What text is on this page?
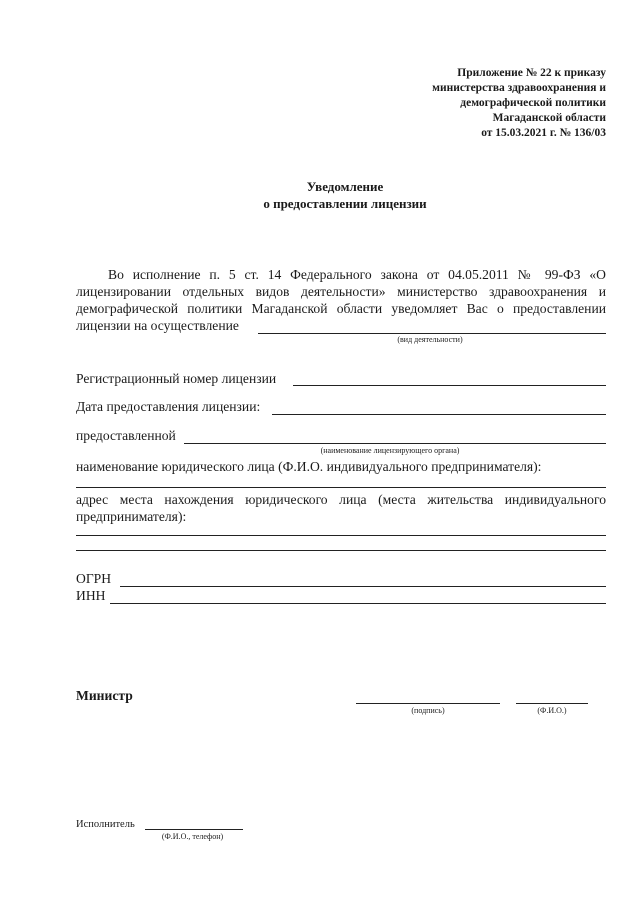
Приложение № 22 к приказу
министерства здравоохранения и
демографической политики
Магаданской области
от 15.03.2021 г. № 136/03
Уведомление
о предоставлении лицензии
Во исполнение п. 5 ст. 14 Федерального закона от 04.05.2011 № 99-ФЗ «О лицензировании отдельных видов деятельности» министерство здравоохранения и демографической политики Магаданской области уведомляет Вас о предоставлении лицензии на осуществление
(вид деятельности)
Регистрационный номер лицензии
Дата предоставления лицензии:
предоставленной
(наименование лицензирующего органа)
наименование юридического лица (Ф.И.О. индивидуального предпринимателя):
адрес места нахождения юридического лица (места жительства индивидуального предпринимателя):
ОГРН
ИНН
Министр
(подпись)	(Ф.И.О.)
Исполнитель
(Ф.И.О., телефон)
